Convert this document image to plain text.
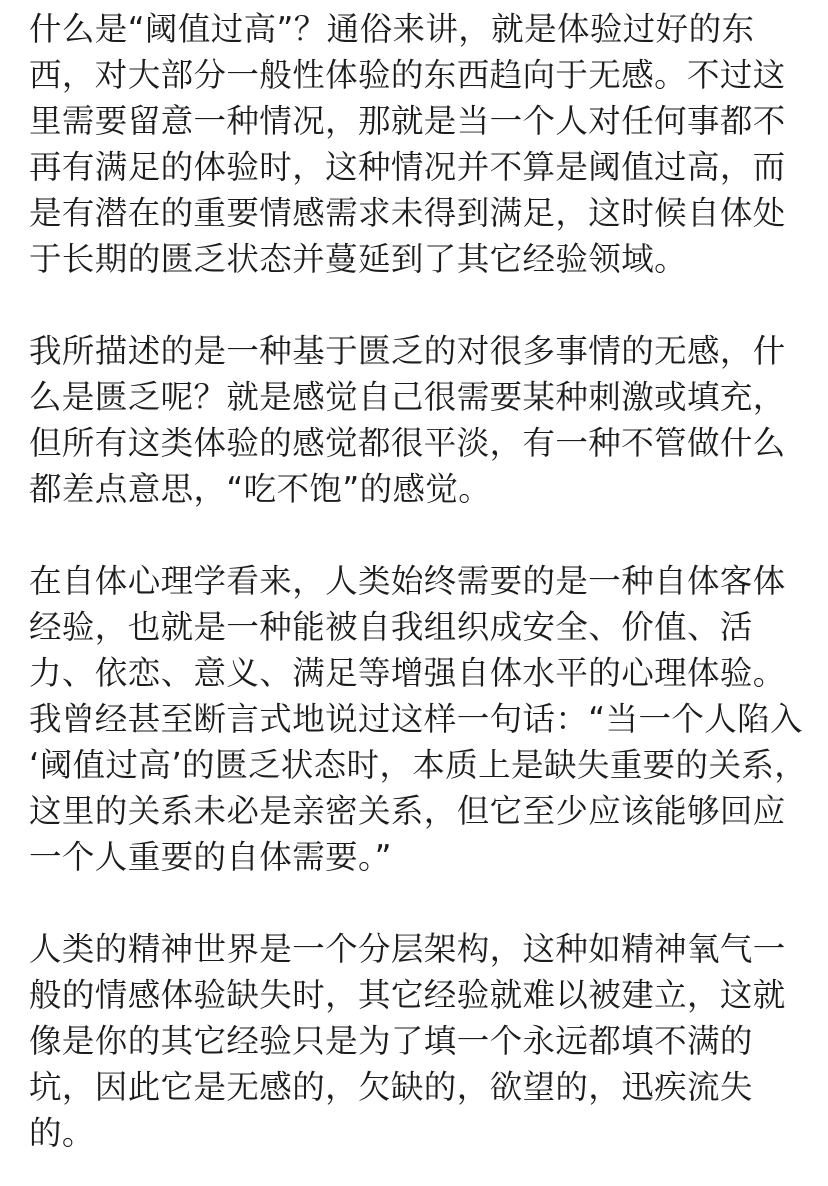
什么是“阈值过高”？通俗来讲，就是体验过好的东
西，对大部分一般性体验的东西趋向于无感。不过这
里需要留意一种情况，那就是当一个人对任何事都不
再有满足的体验时，这种情况并不算是阈值过高，而
是有潜在的重要情感需求未得到满足，这时候自体处
于长期的匮乏状态并蔓延到了其它经验领域。
我所描述的是一种基于匮乏的对很多事情的无感，什
么是匮乏呢？就是感觉自己很需要某种刺激或填充，
但所有这类体验的感觉都很平淡，有一种不管做什么
都差点意思，“吃不饱”的感觉。
在自体心理学看来，人类始终需要的是一种自体客体
经验，也就是一种能被自我组织成安全、价值、活
力、依恋、意义、满足等增强自体水平的心理体验。
我曾经甚至断言式地说过这样一句话：“当一个人陷入
‘阈值过高’的匮乏状态时，本质上是缺失重要的关系，
这里的关系未必是亲密关系，但它至少应该能够回应
一个人重要的自体需要。”
人类的精神世界是一个分层架构，这种如精神氧气一
般的情感体验缺失时，其它经验就难以被建立，这就
像是你的其它经验只是为了填一个永远都填不满的
坑，因此它是无感的，欠缺的，欲望的，迅疾流失
的。
